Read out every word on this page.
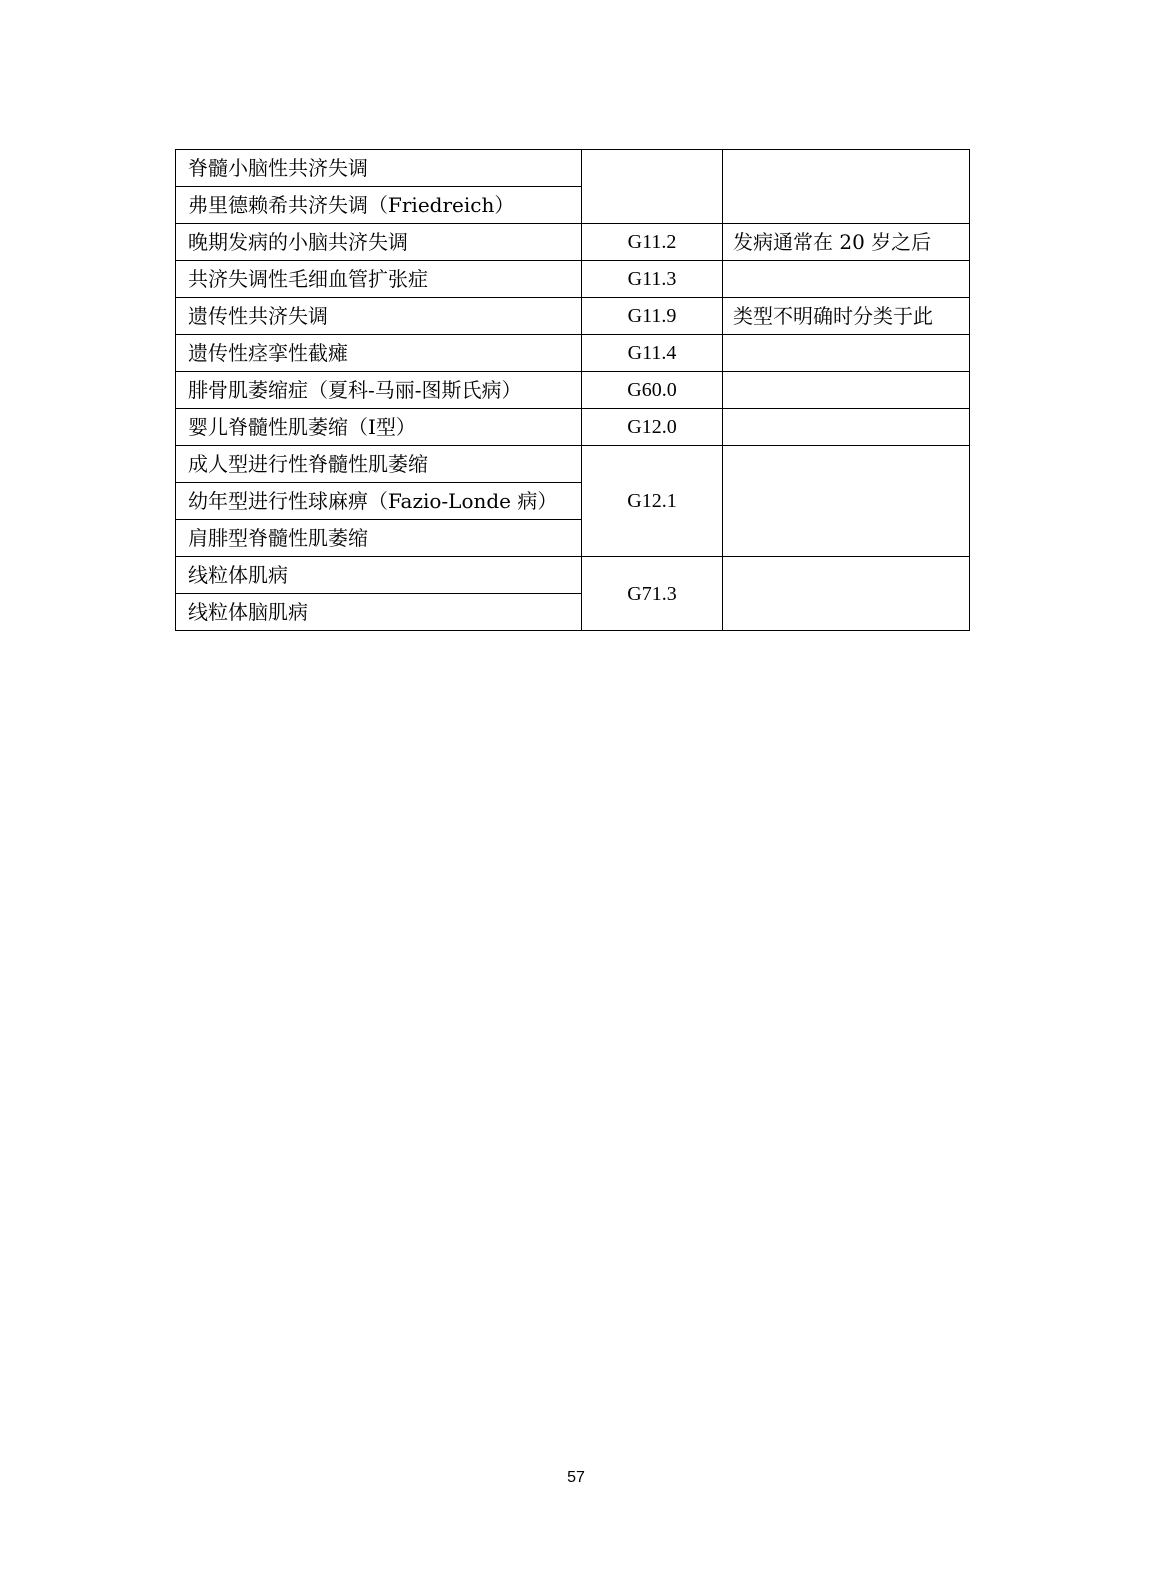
脊髓小脑性共济失调		
弗里德赖希共济失调（Friedreich）		
晚期发病的小脑共济失调	G11.2	发病通常在 20 岁之后
共济失调性毛细血管扩张症	G11.3	
遗传性共济失调	G11.9	类型不明确时分类于此
遗传性痉挛性截瘫	G11.4	
腓骨肌萎缩症（夏科-马丽-图斯氏病）	G60.0	
婴儿脊髓性肌萎缩（Ⅰ型）	G12.0	
成人型进行性脊髓性肌萎缩	G12.1	
幼年型进行性球麻痹（Fazio-Londe 病）		
肩腓型脊髓性肌萎缩		
线粒体肌病	G71.3	
线粒体脑肌病		
57
